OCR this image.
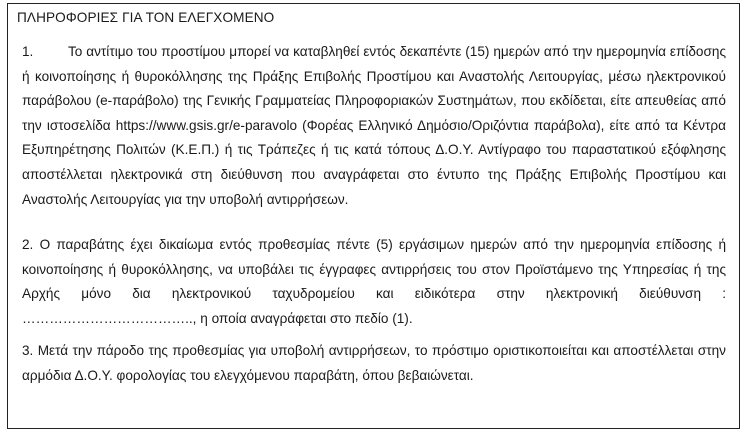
ΠΛΗΡΟΦΟΡΙΕΣ ΓΙΑ ΤΟΝ ΕΛΕΓΧΟΜΕΝΟ
1.	Το αντίτιμο του προστίμου μπορεί να καταβληθεί εντός δεκαπέντε (15) ημερών από την ημερομηνία επίδοσης ή κοινοποίησης ή θυροκόλλησης της Πράξης Επιβολής Προστίμου και Αναστολής Λειτουργίας, μέσω ηλεκτρονικού παράβολου (e-παράβολο) της Γενικής Γραμματείας Πληροφοριακών Συστημάτων, που εκδίδεται, είτε απευθείας από την ιστοσελίδα https://www.gsis.gr/e-paravolo (Φορέας Ελληνικό Δημόσιο/Οριζόντια παράβολα), είτε από τα Κέντρα Εξυπηρέτησης Πολιτών (Κ.Ε.Π.) ή τις Τράπεζες ή τις κατά τόπους Δ.Ο.Υ. Αντίγραφο του παραστατικού εξόφλησης αποστέλλεται ηλεκτρονικά στη διεύθυνση που αναγράφεται στο έντυπο της Πράξης Επιβολής Προστίμου και Αναστολής Λειτουργίας για την υποβολή αντιρρήσεων.
2. Ο παραβάτης έχει δικαίωμα εντός προθεσμίας πέντε (5) εργάσιμων ημερών από την ημερομηνία επίδοσης ή κοινοποίησης ή θυροκόλλησης, να υποβάλει τις έγγραφες αντιρρήσεις του στον Προϊστάμενο της Υπηρεσίας ή της Αρχής μόνο δια ηλεκτρονικού ταχυδρομείου και ειδικότερα στην ηλεκτρονική διεύθυνση : ……………………………….., η οποία αναγράφεται στο πεδίο (1).
3. Μετά την πάροδο της προθεσμίας για υποβολή αντιρρήσεων, το πρόστιμο οριστικοποιείται και αποστέλλεται στην αρμόδια Δ.Ο.Υ. φορολογίας του ελεγχόμενου παραβάτη, όπου βεβαιώνεται.
